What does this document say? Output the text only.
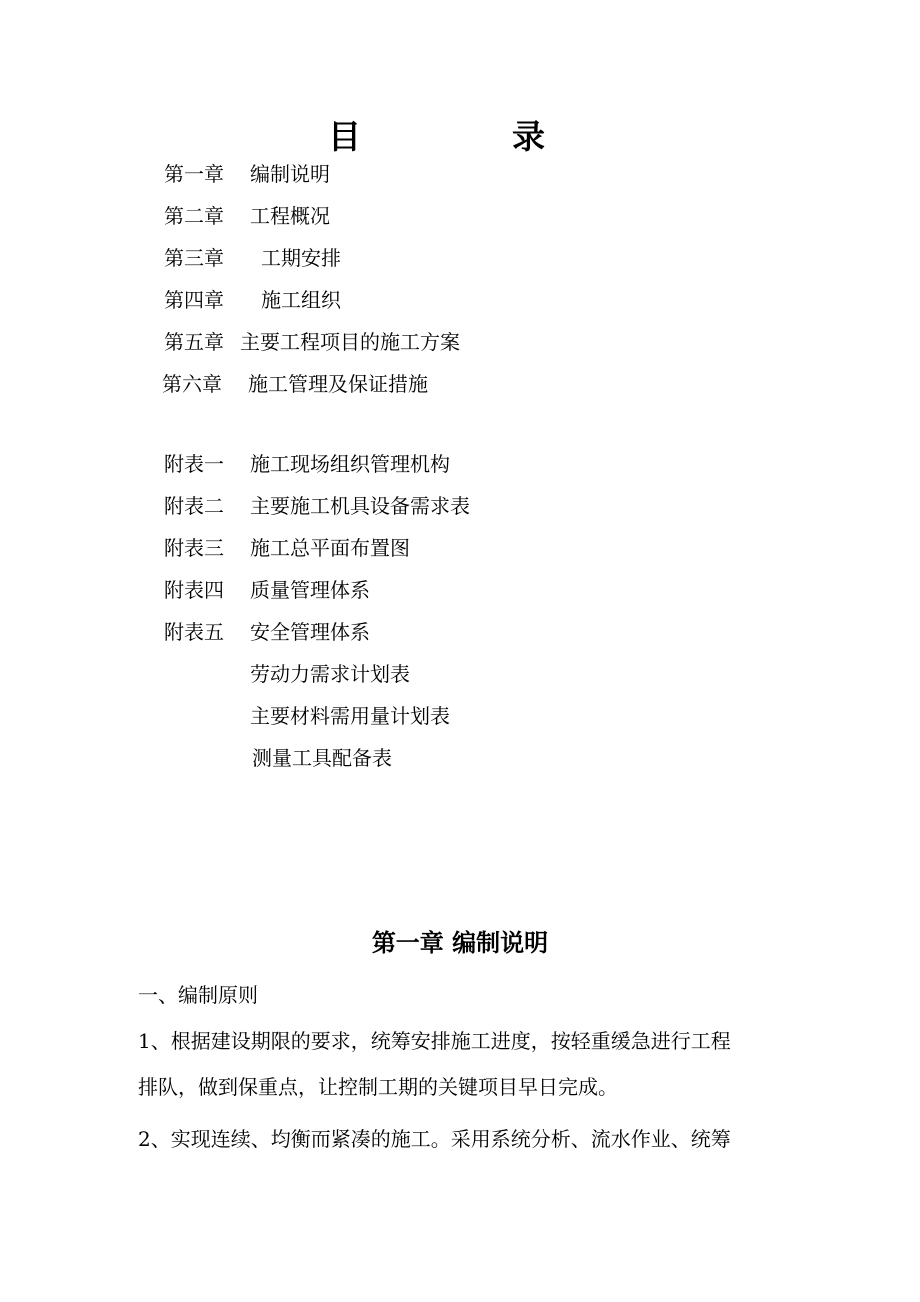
目	录

第一章

编制说明

第二章

工程概况

第三章

工期安排

第四章

施工组织

第五章

主要工程项目的施工方案

第六章

施工管理及保证措施

附表一

施工现场组织管理机构

附表二

主要施工机具设备需求表

附表三

施工总平面布置图

附表四

质量管理体系

附表五

安全管理体系

劳动力需求计划表

主要材料需用量计划表

测量工具配备表

第一章 编制说明
一、编制原则
1、根据建设期限的要求，统筹安排施工进度，按轻重缓急进行工程
排队，做到保重点，让控制工期的关键项目早日完成。
2、实现连续、均衡而紧凑的施工。采用系统分析、流水作业、统筹
